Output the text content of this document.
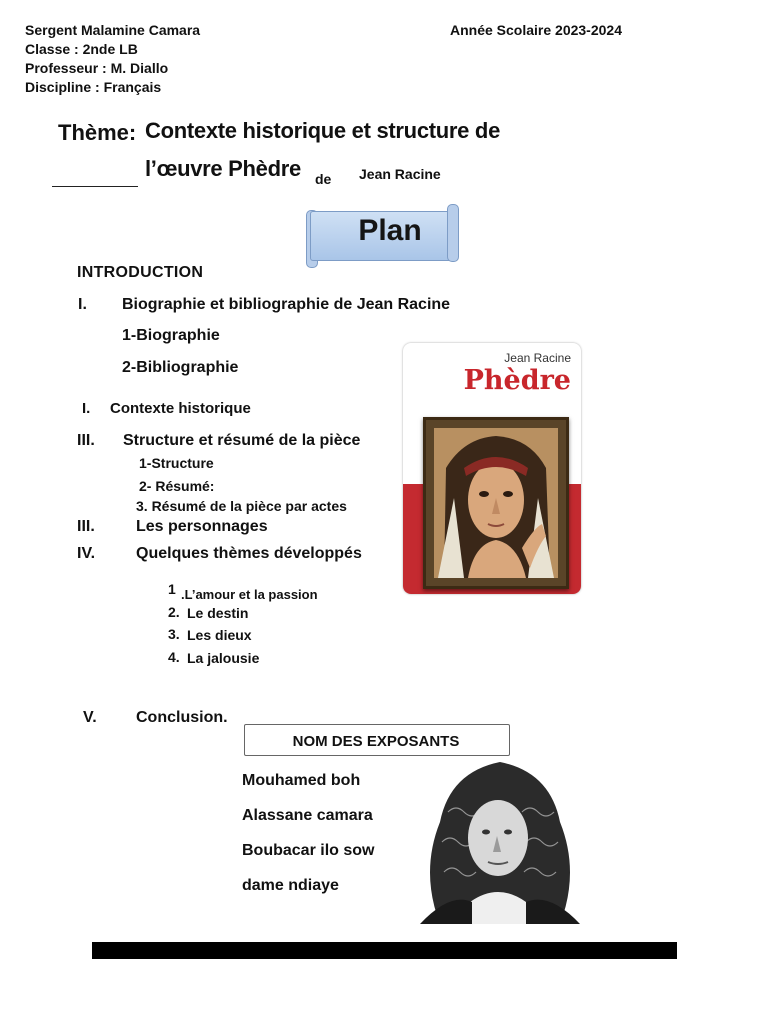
Sergent Malamine Camara
Classe : 2nde LB
Professeur : M. Diallo
Discipline : Français
Année Scolaire 2023-2024
Thème: Contexte historique et structure de
l’œuvre Phèdre de Jean Racine
Plan
INTRODUCTION
I. Biographie et bibliographie de Jean Racine
1-Biographie
2-Bibliographie
I. Contexte historique
III. Structure et résumé de la pièce
1-Structure
2- Résumé:
3. Résumé de la pièce par actes
III.	Les personnages
IV.	Quelques thèmes développés
1 .L’amour et la passion
2. Le destin
3. Les dieux
4. La jalousie
V. Conclusion.
Jean Racine
Phèdre
NOM DES EXPOSANTS
Mouhamed boh
Alassane camara
Boubacar ilo sow
dame ndiaye
